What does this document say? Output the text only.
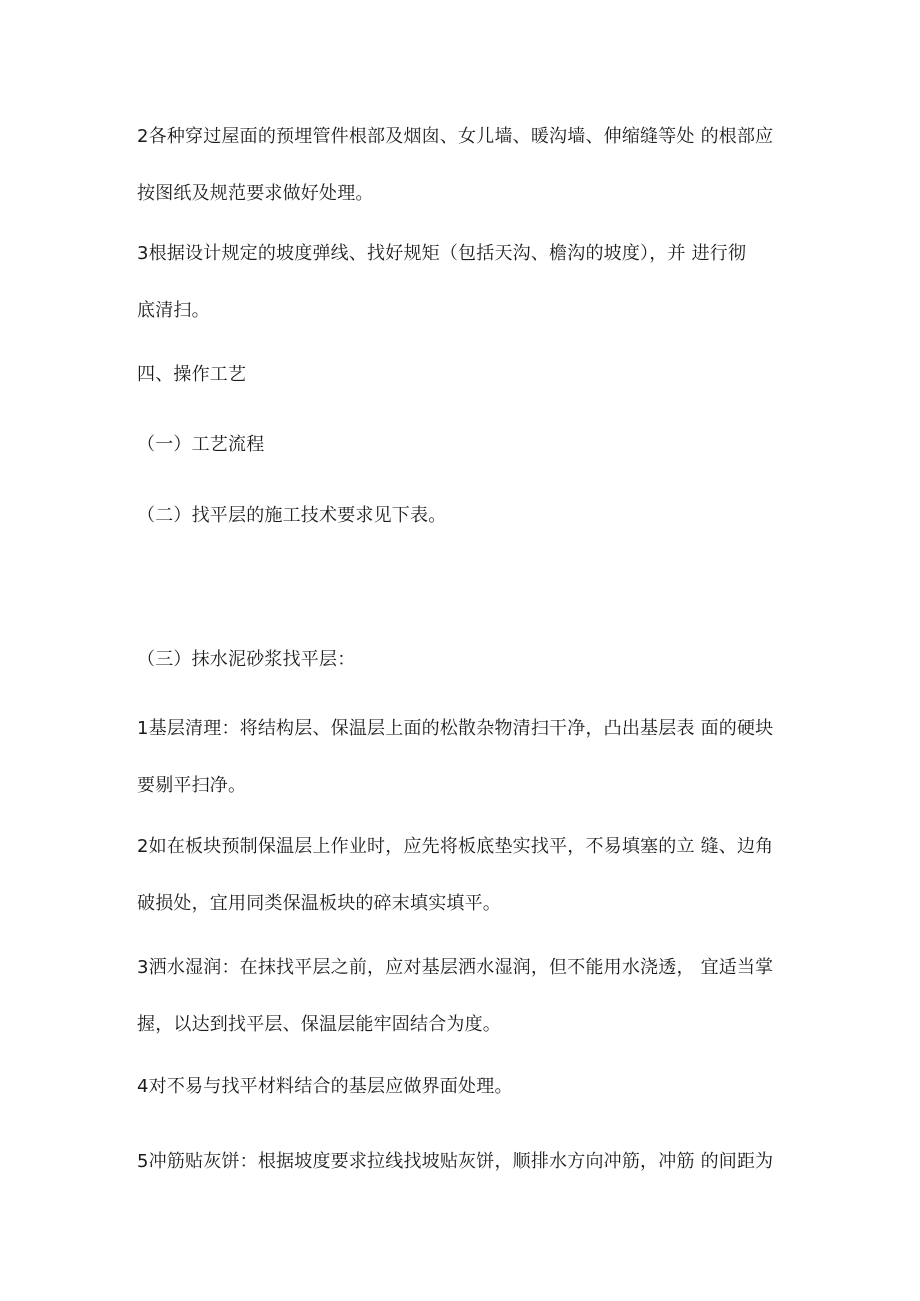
2各种穿过屋面的预埋管件根部及烟囱、女儿墙、暖沟墙、伸缩缝等处 的根部应
按图纸及规范要求做好处理。

3根据设计规定的坡度弹线、找好规矩（包括天沟、檐沟的坡度），并 进行彻
底清扫。

四、操作工艺

（一）工艺流程

（二）找平层的施工技术要求见下表。

（三）抹水泥砂浆找平层：

1基层清理：将结构层、保温层上面的松散杂物清扫干净，凸出基层表 面的硬块
要剔平扫净。

2如在板块预制保温层上作业时，应先将板底垫实找平，不易填塞的立 缝、边角
破损处，宜用同类保温板块的碎末填实填平。

3洒水湿润：在抹找平层之前，应对基层洒水湿润，但不能用水浇透， 宜适当掌
握，以达到找平层、保温层能牢固结合为度。

4对不易与找平材料结合的基层应做界面处理。

5冲筋贴灰饼：根据坡度要求拉线找坡贴灰饼，顺排水方向冲筋，冲筋 的间距为
